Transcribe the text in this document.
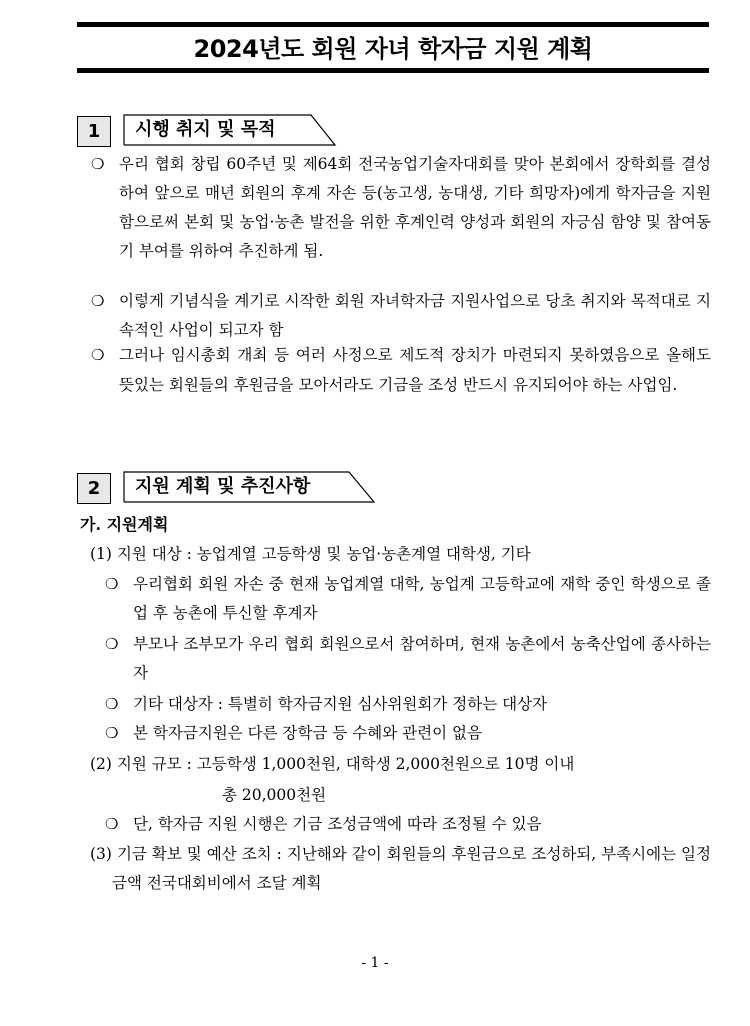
2024년도 회원 자녀 학자금 지원 계획
1	시행 취지 및 목적
❍ 우리 협회 창립 60주년 및 제64회 전국농업기술자대회를 맞아 본회에서 장학회를 결성하여 앞으로 매년 회원의 후계 자손 등(농고생, 농대생, 기타 희망자)에게 학자금을 지원함으로써 본회 및 농업·농촌 발전을 위한 후계인력 양성과 회원의 자긍심 함양 및 참여동기 부여를 위하여 추진하게 됨.
❍ 이렇게 기념식을 계기로 시작한 회원 자녀학자금 지원사업으로 당초 취지와 목적대로 지속적인 사업이 되고자 함
❍ 그러나 임시총회 개최 등 여러 사정으로 제도적 장치가 마련되지 못하였음으로 올해도 뜻있는 회원들의 후원금을 모아서라도 기금을 조성 반드시 유지되어야 하는 사업임.
2	지원 계획 및 추진사항
가. 지원계획
(1) 지원 대상 : 농업계열 고등학생 및 농업·농촌계열 대학생, 기타
❍ 우리협회 회원 자손 중 현재 농업계열 대학, 농업계 고등학교에 재학 중인 학생으로 졸업 후 농촌에 투신할 후계자
❍ 부모나 조부모가 우리 협회 회원으로서 참여하며, 현재 농촌에서 농축산업에 종사하는 자
❍ 기타 대상자 : 특별히 학자금지원 심사위원회가 정하는 대상자
❍ 본 학자금지원은 다른 장학금 등 수혜와 관련이 없음
(2) 지원 규모 : 고등학생 1,000천원, 대학생 2,000천원으로 10명 이내
총 20,000천원
❍ 단, 학자금 지원 시행은 기금 조성금액에 따라 조정될 수 있음
(3) 기금 확보 및 예산 조치 : 지난해와 같이 회원들의 후원금으로 조성하되, 부족시에는 일정 금액 전국대회비에서 조달 계획
- 1 -
